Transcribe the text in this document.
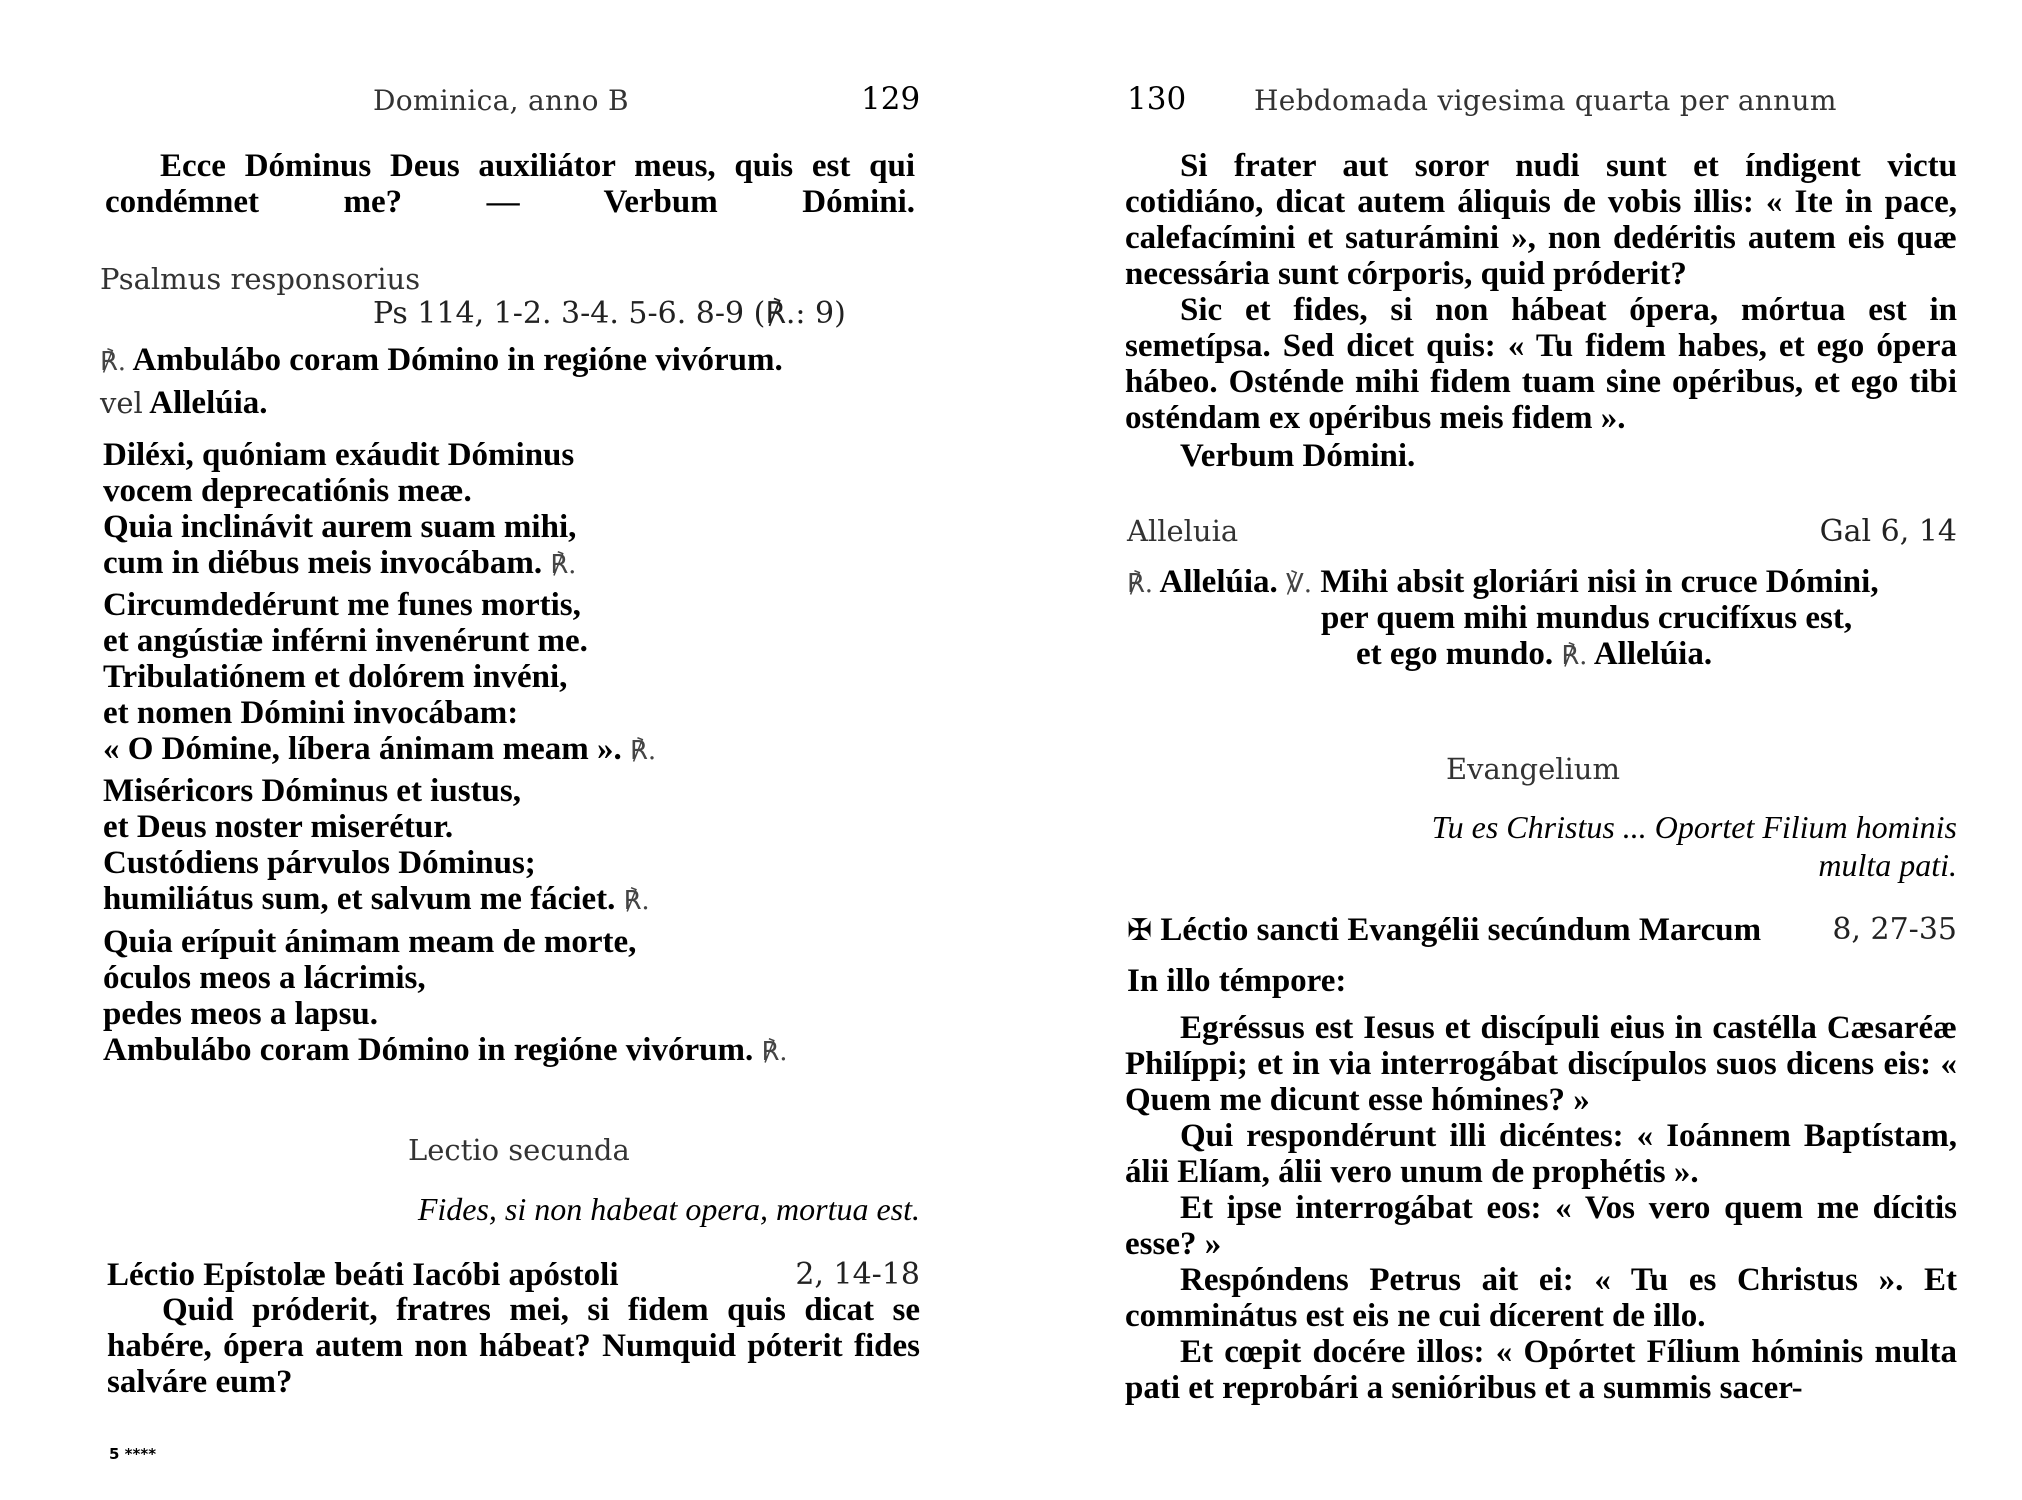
Dominica, anno B	129

Ecce Dóminus Deus auxiliátor meus, quis est qui condémnet me? — Verbum Dómini.

Psalmus responsorius
Ps 114, 1-2. 3-4. 5-6. 8-9 (℟.: 9)
℟. Ambulábo coram Dómino in regióne vivórum.
vel Allelúia.
Diléxi, quóniam exáudit Dóminus
vocem deprecatiónis meæ.
Quia inclinávit aurem suam mihi,
cum in diébus meis invocábam. ℟.
Circumdedérunt me funes mortis,
et angústiæ inférni invenérunt me.
Tribulatiónem et dolórem invéni,
et nomen Dómini invocábam:
« O Dómine, líbera ánimam meam ». ℟.
Miséricors Dóminus et iustus,
et Deus noster miserétur.
Custódiens párvulos Dóminus;
humiliátus sum, et salvum me fáciet. ℟.
Quia erípuit ánimam meam de morte,
óculos meos a lácrimis,
pedes meos a lapsu.
Ambulábo coram Dómino in regióne vivórum. ℟.
Lectio secunda
Fides, si non habeat opera, mortua est.
Léctio Epístolæ beáti Iacóbi apóstoli	2, 14-18

Quid próderit, fratres mei, si fidem quis dicat se habére, ópera autem non hábeat? Numquid póterit fides salváre eum?

5 ****
130 Hebdomada vigesima quarta per annum

Si frater aut soror nudi sunt et índigent victu cotidiáno, dicat autem áliquis de vobis illis: « Ite in pace, calefacímini et saturámini », non dedéritis autem eis quæ necessária sunt córporis, quid próderit?

Sic et fides, si non hábeat ópera, mórtua est in semetípsa. Sed dicet quis: « Tu fidem habes, et ego ópera hábeo. Osténde mihi fidem tuam sine opéribus, et ego tibi osténdam ex opéribus meis fidem ».

Verbum Dómini.
Alleluia	Gal 6, 14
℟. Allelúia. ℣. Mihi absit gloriári nisi in cruce Dómini,
per quem mihi mundus crucifíxus est,
et ego mundo. ℟. Allelúia.
Evangelium
Tu es Christus ... Oportet Filium hominis
multa pati.
✠ Léctio sancti Evangélii secúndum Marcum 8, 27-35
In illo témpore:

Egréssus est Iesus et discípuli eius in castélla Cæsaréæ Philíppi; et in via interrogábat discípulos suos dicens eis: « Quem me dicunt esse hómines? »

Qui respondérunt illi dicéntes: « Ioánnem Baptístam, álii Elíam, álii vero unum de prophétis ».

Et ipse interrogábat eos: « Vos vero quem me dícitis esse? »

Respóndens Petrus ait ei: « Tu es Christus ». Et comminátus est eis ne cui dícerent de illo.

Et cœpit docére illos: « Opórtet Fílium hóminis multa pati et reprobári a senióribus et a summis sacer-
